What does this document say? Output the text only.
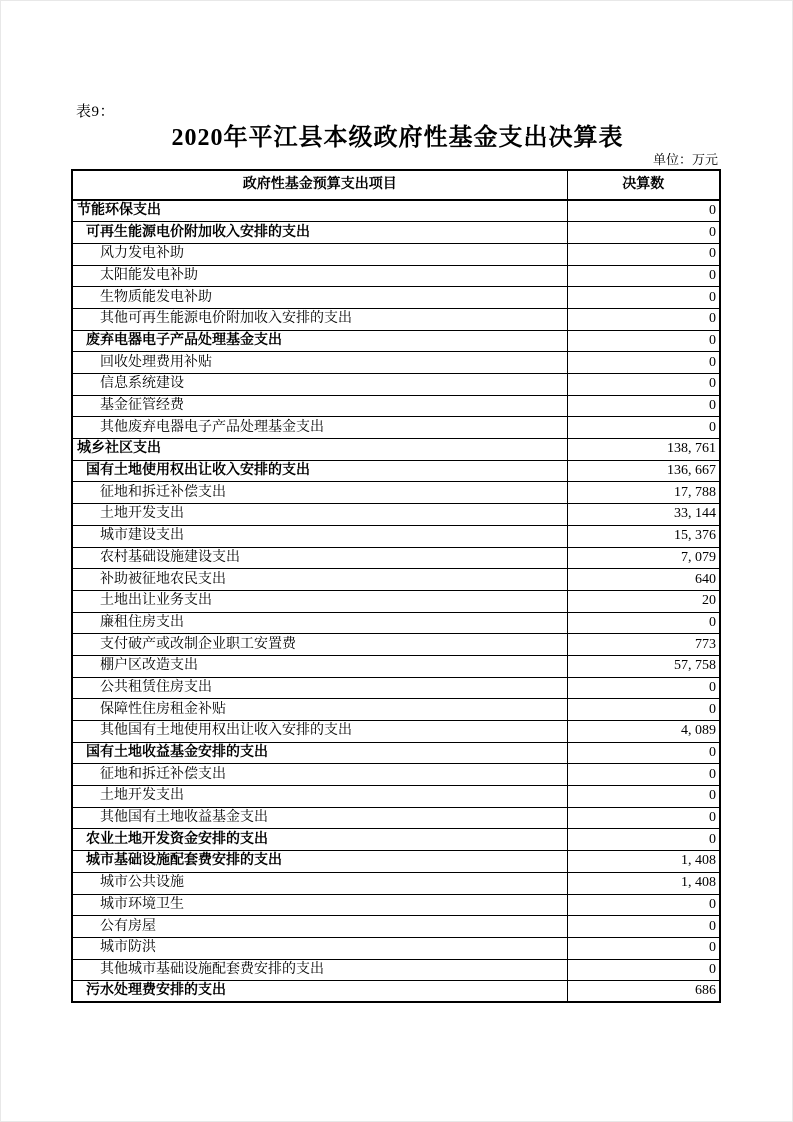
表9：
2020年平江县本级政府性基金支出决算表
单位：万元
政府性基金预算支出项目	决算数
节能环保支出	0
可再生能源电价附加收入安排的支出	0
风力发电补助	0
太阳能发电补助	0
生物质能发电补助	0
其他可再生能源电价附加收入安排的支出	0
废弃电器电子产品处理基金支出	0
回收处理费用补贴	0
信息系统建设	0
基金征管经费	0
其他废弃电器电子产品处理基金支出	0
城乡社区支出	138, 761
国有土地使用权出让收入安排的支出	136, 667
征地和拆迁补偿支出	17, 788
土地开发支出	33, 144
城市建设支出	15, 376
农村基础设施建设支出	7, 079
补助被征地农民支出	640
土地出让业务支出	20
廉租住房支出	0
支付破产或改制企业职工安置费	773
棚户区改造支出	57, 758
公共租赁住房支出	0
保障性住房租金补贴	0
其他国有土地使用权出让收入安排的支出	4, 089
国有土地收益基金安排的支出	0
征地和拆迁补偿支出	0
土地开发支出	0
其他国有土地收益基金支出	0
农业土地开发资金安排的支出	0
城市基础设施配套费安排的支出	1, 408
城市公共设施	1, 408
城市环境卫生	0
公有房屋	0
城市防洪	0
其他城市基础设施配套费安排的支出	0
污水处理费安排的支出	686
